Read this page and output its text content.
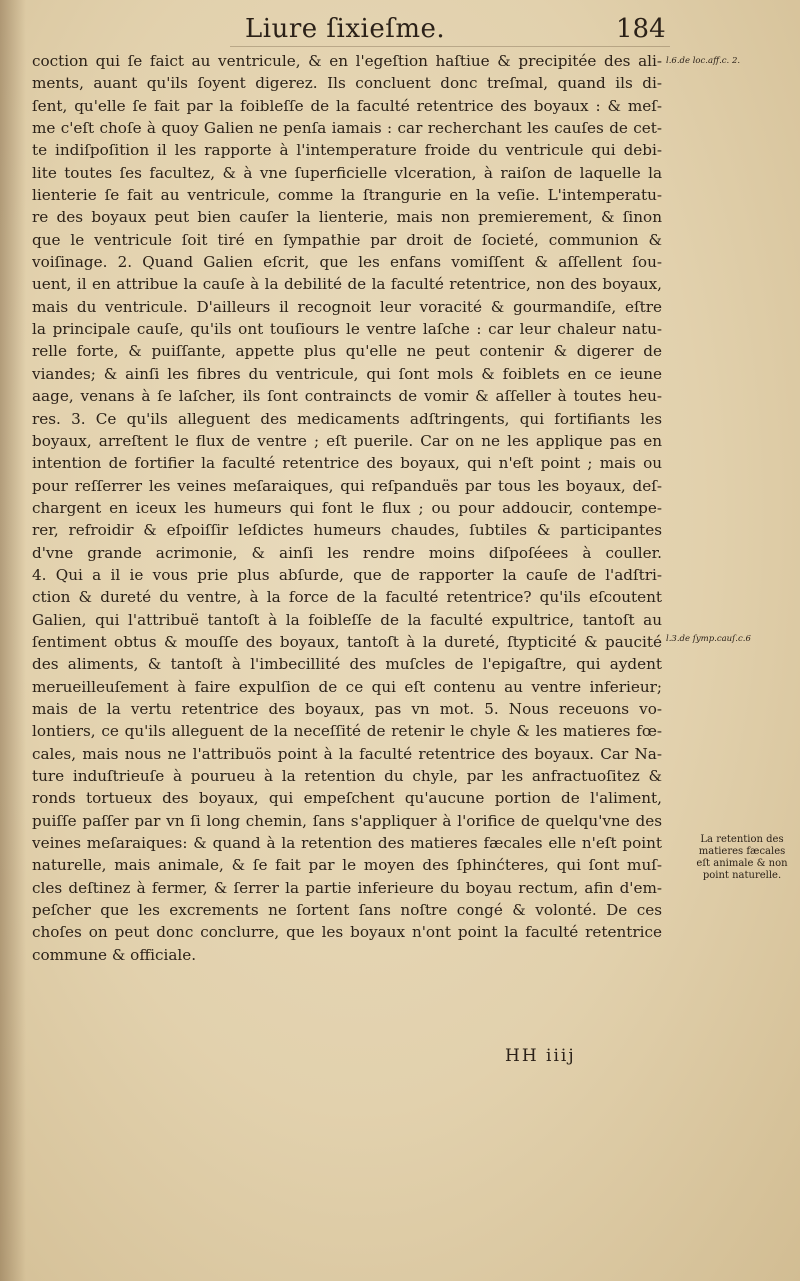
Liure ſixieſme.	184
coction qui ſe faict au ventricule, & en l'egeſtion haſtiue & precipitée des ali-
ments, auant qu'ils ſoyent digerez. Ils concluent donc treſmal, quand ils di-
ſent, qu'elle ſe fait par la foibleſſe de la faculté retentrice des boyaux : & meſ-
me c'eſt choſe à quoy Galien ne penſa iamais : car recherchant les cauſes de cet-
te indiſpoſition il les rapporte à l'intemperature froide du ventricule qui debi-
lite toutes ſes facultez, & à vne ſuperficielle vlceration, à raiſon de laquelle la
lienterie ſe fait au ventricule, comme la ſtrangurie en la veſie. L'intemperatu-
re des boyaux peut bien cauſer la lienterie, mais non premierement, & ſinon
que le ventricule ſoit tiré en ſympathie par droit de ſocieté, communion &
voiſinage. 2. Quand Galien eſcrit, que les enfans vomiſſent & aſſellent ſou-
uent, il en attribue la cauſe à la debilité de la faculté retentrice, non des boyaux,
mais du ventricule. D'ailleurs il recognoit leur voracité & gourmandiſe, eſtre
la principale cauſe, qu'ils ont touſiours le ventre laſche : car leur chaleur natu-
relle forte, & puiſſante, appette plus qu'elle ne peut contenir & digerer de
viandes; & ainſi les fibres du ventricule, qui ſont mols & foiblets en ce ieune
aage, venans à ſe laſcher, ils ſont contraincts de vomir & aſſeller à toutes heu-
res. 3. Ce qu'ils alleguent des medicaments adſtringents, qui fortifiants les
boyaux, arreſtent le flux de ventre ; eſt puerile. Car on ne les applique pas en
intention de fortifier la faculté retentrice des boyaux, qui n'eſt point ; mais ou
pour reſſerrer les veines meſaraiques, qui reſpanduës par tous les boyaux, deſ-
chargent en iceux les humeurs qui font le flux ; ou pour addoucir, contempe-
rer, refroidir & eſpoiſſir leſdictes humeurs chaudes, ſubtiles & participantes
d'vne grande acrimonie, & ainſi les rendre moins diſpoſéees à couller.
4. Qui a il ie vous prie plus abſurde, que de rapporter la cauſe de l'adſtri-
ction & dureté du ventre, à la force de la faculté retentrice? qu'ils eſcoutent
Galien, qui l'attribuë tantoſt à la foibleſſe de la faculté expultrice, tantoſt au
ſentiment obtus & mouſſe des boyaux, tantoſt à la dureté, ſtypticité & paucité
des aliments, & tantoſt à l'imbecillité des muſcles de l'epigaſtre, qui aydent
merueilleuſement à faire expulſion de ce qui eſt contenu au ventre inferieur;
mais de la vertu retentrice des boyaux, pas vn mot. 5. Nous receuons vo-
lontiers, ce qu'ils alleguent de la neceſſité de retenir le chyle & les matieres fœ-
cales, mais nous ne l'attribuös point à la faculté retentrice des boyaux. Car Na-
ture induſtrieuſe à pourueu à la retention du chyle, par les anfractuoſitez &
ronds tortueux des boyaux, qui empeſchent qu'aucune portion de l'aliment,
puiſſe paſſer par vn ſi long chemin, ſans s'appliquer à l'orifice de quelqu'vne des
veines meſaraiques: & quand à la retention des matieres fæcales elle n'eſt point
naturelle, mais animale, & ſe fait par le moyen des ſphinćteres, qui ſont muſ-
cles deſtinez à fermer, & ſerrer la partie inferieure du boyau rectum, afin d'em-
peſcher que les excrements ne ſortent ſans noſtre congé & volonté. De ces
choſes on peut donc conclurre, que les boyaux n'ont point la faculté retentrice
commune & officiale.
l.6.de loc.aff.c. 2.
l.3.de ſymp.cauſ.c.6
La retention des
matieres fæcales
eſt animale & non
point naturelle.
HH iiij
